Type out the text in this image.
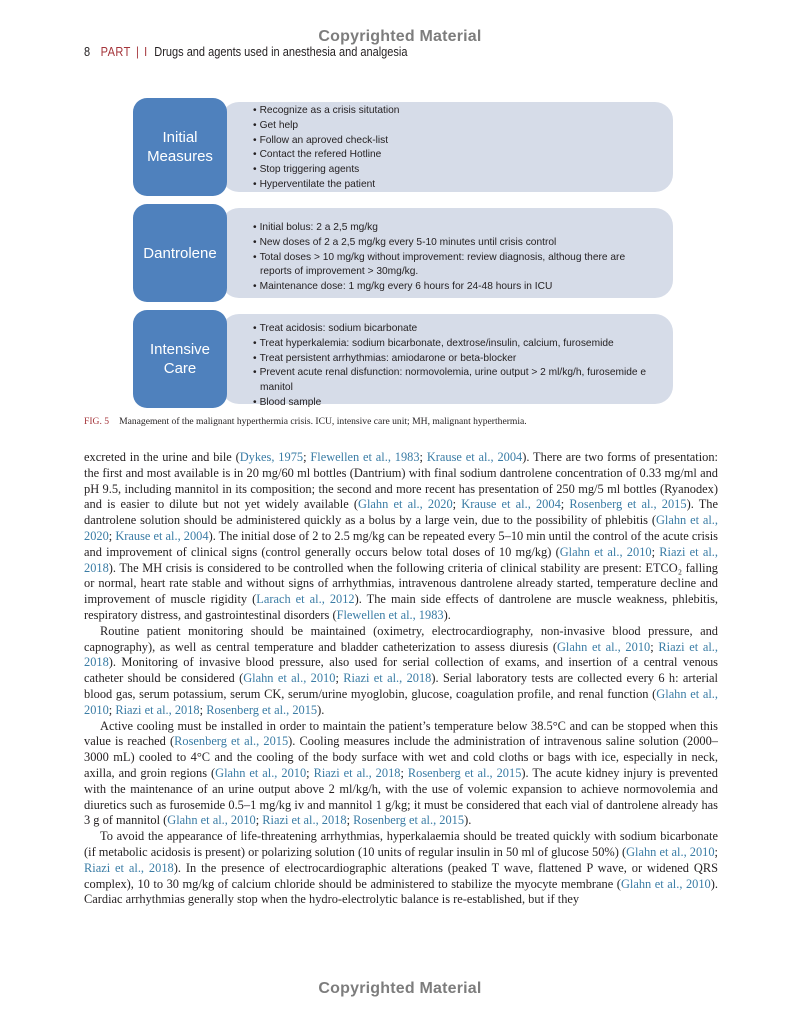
Copyrighted Material
8 PART | I Drugs and agents used in anesthesia and analgesia
Initial Measures
• Recognize as a crisis situtation
• Get help
• Follow an aproved check-list
• Contact the refered Hotline
• Stop triggering agents
• Hyperventilate the patient
Dantrolene
• Initial bolus: 2 a 2,5 mg/kg
• New doses of 2 a 2,5 mg/kg every 5-10 minutes until crisis control
• Total doses > 10 mg/kg without improvement: review diagnosis, althoug there are reports of improvement > 30mg/kg.
• Maintenance dose: 1 mg/kg every 6 hours for 24-48 hours in ICU
Intensive Care
• Treat acidosis: sodium bicarbonate
• Treat hyperkalemia: sodium bicarbonate, dextrose/insulin, calcium, furosemide
• Treat persistent arrhythmias: amiodarone or beta-blocker
• Prevent acute renal disfunction: normovolemia, urine output > 2 ml/kg/h, furosemide e manitol
• Blood sample
FIG. 5 Management of the malignant hyperthermia crisis. ICU, intensive care unit; MH, malignant hyperthermia.

excreted in the urine and bile (Dykes, 1975; Flewellen et al., 1983; Krause et al., 2004). There are two forms of presentation: the first and most available is in 20 mg/60 ml bottles (Dantrium) with final sodium dantrolene concentration of 0.33 mg/ml and pH 9.5, including mannitol in its composition; the second and more recent has presentation of 250 mg/5 ml bottles (Ryanodex) and is easier to dilute but not yet widely available (Glahn et al., 2020; Krause et al., 2004; Rosenberg et al., 2015). The dantrolene solution should be administered quickly as a bolus by a large vein, due to the possibility of phlebitis (Glahn et al., 2020; Krause et al., 2004). The initial dose of 2 to 2.5 mg/kg can be repeated every 5–10 min until the control of the acute crisis and improvement of clinical signs (control generally occurs below total doses of 10 mg/kg) (Glahn et al., 2010; Riazi et al., 2018). The MH crisis is considered to be controlled when the following criteria of clinical stability are present: ETCO₂ falling or normal, heart rate stable and without signs of arrhythmias, intravenous dantrolene already started, temperature decline and improvement of muscle rigidity (Larach et al., 2012). The main side effects of dantrolene are muscle weakness, phlebitis, respiratory distress, and gastrointestinal disorders (Flewellen et al., 1983).

Routine patient monitoring should be maintained (oximetry, electrocardiography, non-invasive blood pressure, and capnography), as well as central temperature and bladder catheterization to assess diuresis (Glahn et al., 2010; Riazi et al., 2018). Monitoring of invasive blood pressure, also used for serial collection of exams, and insertion of a central venous catheter should be considered (Glahn et al., 2010; Riazi et al., 2018). Serial laboratory tests are collected every 6 h: arterial blood gas, serum potassium, serum CK, serum/urine myoglobin, glucose, coagulation profile, and renal function (Glahn et al., 2010; Riazi et al., 2018; Rosenberg et al., 2015).

Active cooling must be installed in order to maintain the patient’s temperature below 38.5°C and can be stopped when this value is reached (Rosenberg et al., 2015). Cooling measures include the administration of intravenous saline solution (2000–3000 mL) cooled to 4°C and the cooling of the body surface with wet and cold cloths or bags with ice, especially in neck, axilla, and groin regions (Glahn et al., 2010; Riazi et al., 2018; Rosenberg et al., 2015). The acute kidney injury is prevented with the maintenance of an urine output above 2 ml/kg/h, with the use of volemic expansion to achieve normovolemia and diuretics such as furosemide 0.5–1 mg/kg iv and mannitol 1 g/kg; it must be considered that each vial of dantrolene already has 3 g of mannitol (Glahn et al., 2010; Riazi et al., 2018; Rosenberg et al., 2015).

To avoid the appearance of life-threatening arrhythmias, hyperkalaemia should be treated quickly with sodium bicarbonate (if metabolic acidosis is present) or polarizing solution (10 units of regular insulin in 50 ml of glucose 50%) (Glahn et al., 2010; Riazi et al., 2018). In the presence of electrocardiographic alterations (peaked T wave, flattened P wave, or widened QRS complex), 10 to 30 mg/kg of calcium chloride should be administered to stabilize the myocyte membrane (Glahn et al., 2010). Cardiac arrhythmias generally stop when the hydro-electrolytic balance is re-established, but if they

Copyrighted Material
